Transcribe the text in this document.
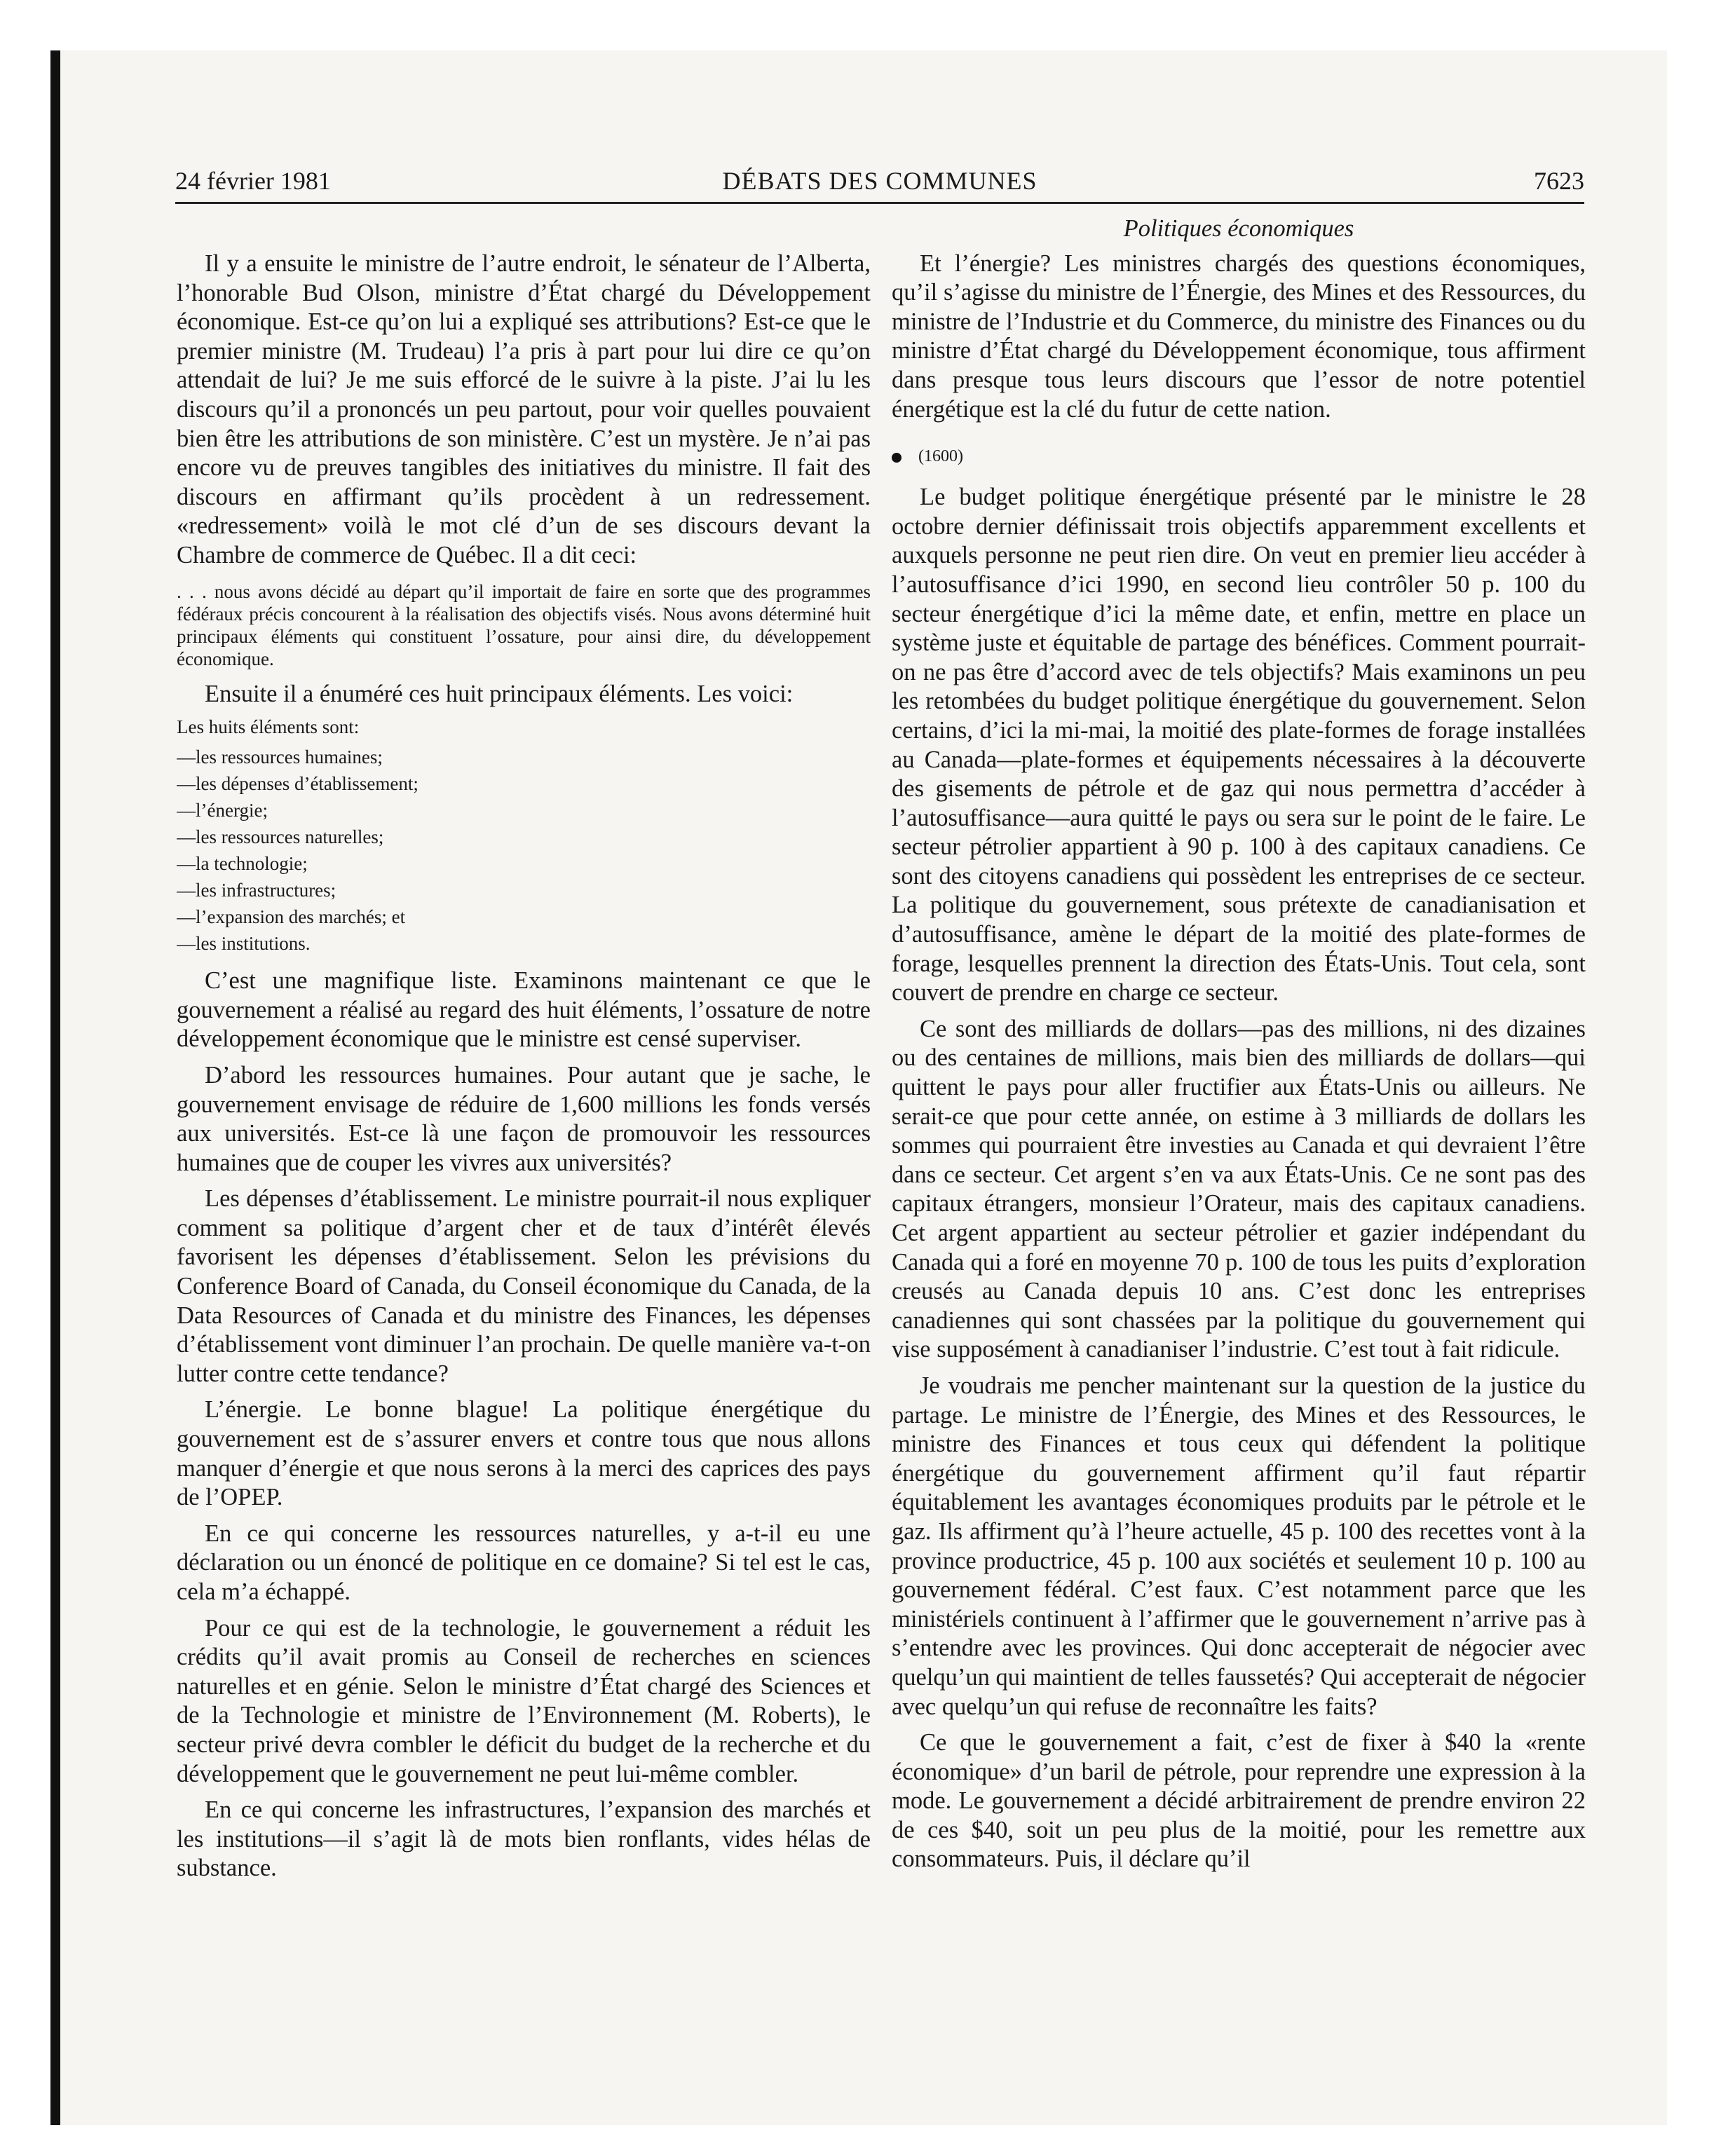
24 février 1981	DÉBATS DES COMMUNES	7623

Il y a ensuite le ministre de l’autre endroit, le sénateur de l’Alberta, l’honorable Bud Olson, ministre d’État chargé du Développement économique. Est-ce qu’on lui a expliqué ses attributions? Est-ce que le premier ministre (M. Trudeau) l’a pris à part pour lui dire ce qu’on attendait de lui? Je me suis efforcé de le suivre à la piste. J’ai lu les discours qu’il a prononcés un peu partout, pour voir quelles pouvaient bien être les attributions de son ministère. C’est un mystère. Je n’ai pas encore vu de preuves tangibles des initiatives du ministre. Il fait des discours en affirmant qu’ils procèdent à un redressement. «redressement» voilà le mot clé d’un de ses discours devant la Chambre de commerce de Québec. Il a dit ceci:

. . . nous avons décidé au départ qu’il importait de faire en sorte que des programmes fédéraux précis concourent à la réalisation des objectifs visés. Nous avons déterminé huit principaux éléments qui constituent l’ossature, pour ainsi dire, du développement économique.

Ensuite il a énuméré ces huit principaux éléments. Les voici:

Les huits éléments sont:

—les ressources humaines;
—les dépenses d’établissement;
—l’énergie;
—les ressources naturelles;
—la technologie;
—les infrastructures;
—l’expansion des marchés; et
—les institutions.

C’est une magnifique liste. Examinons maintenant ce que le gouvernement a réalisé au regard des huit éléments, l’ossature de notre développement économique que le ministre est censé superviser.

D’abord les ressources humaines. Pour autant que je sache, le gouvernement envisage de réduire de 1,600 millions les fonds versés aux universités. Est-ce là une façon de promouvoir les ressources humaines que de couper les vivres aux universités?

Les dépenses d’établissement. Le ministre pourrait-il nous expliquer comment sa politique d’argent cher et de taux d’intérêt élevés favorisent les dépenses d’établissement. Selon les prévisions du Conference Board of Canada, du Conseil économique du Canada, de la Data Resources of Canada et du ministre des Finances, les dépenses d’établissement vont diminuer l’an prochain. De quelle manière va-t-on lutter contre cette tendance?

L’énergie. Le bonne blague! La politique énergétique du gouvernement est de s’assurer envers et contre tous que nous allons manquer d’énergie et que nous serons à la merci des caprices des pays de l’OPEP.

En ce qui concerne les ressources naturelles, y a-t-il eu une déclaration ou un énoncé de politique en ce domaine? Si tel est le cas, cela m’a échappé.

Pour ce qui est de la technologie, le gouvernement a réduit les crédits qu’il avait promis au Conseil de recherches en sciences naturelles et en génie. Selon le ministre d’État chargé des Sciences et de la Technologie et ministre de l’Environnement (M. Roberts), le secteur privé devra combler le déficit du budget de la recherche et du développement que le gouvernement ne peut lui-même combler.

En ce qui concerne les infrastructures, l’expansion des marchés et les institutions—il s’agit là de mots bien ronflants, vides hélas de substance.

Politiques économiques

Et l’énergie? Les ministres chargés des questions économiques, qu’il s’agisse du ministre de l’Énergie, des Mines et des Ressources, du ministre de l’Industrie et du Commerce, du ministre des Finances ou du ministre d’État chargé du Développement économique, tous affirment dans presque tous leurs discours que l’essor de notre potentiel énergétique est la clé du futur de cette nation.

(1600)

Le budget politique énergétique présenté par le ministre le 28 octobre dernier définissait trois objectifs apparemment excellents et auxquels personne ne peut rien dire. On veut en premier lieu accéder à l’autosuffisance d’ici 1990, en second lieu contrôler 50 p. 100 du secteur énergétique d’ici la même date, et enfin, mettre en place un système juste et équitable de partage des bénéfices. Comment pourrait-on ne pas être d’accord avec de tels objectifs? Mais examinons un peu les retombées du budget politique énergétique du gouvernement. Selon certains, d’ici la mi-mai, la moitié des plate-formes de forage installées au Canada—plate-formes et équipements nécessaires à la découverte des gisements de pétrole et de gaz qui nous permettra d’accéder à l’autosuffisance—aura quitté le pays ou sera sur le point de le faire. Le secteur pétrolier appartient à 90 p. 100 à des capitaux canadiens. Ce sont des citoyens canadiens qui possèdent les entreprises de ce secteur. La politique du gouvernement, sous prétexte de canadianisation et d’autosuffisance, amène le départ de la moitié des plate-formes de forage, lesquelles prennent la direction des États-Unis. Tout cela, sont couvert de prendre en charge ce secteur.

Ce sont des milliards de dollars—pas des millions, ni des dizaines ou des centaines de millions, mais bien des milliards de dollars—qui quittent le pays pour aller fructifier aux États-Unis ou ailleurs. Ne serait-ce que pour cette année, on estime à 3 milliards de dollars les sommes qui pourraient être investies au Canada et qui devraient l’être dans ce secteur. Cet argent s’en va aux États-Unis. Ce ne sont pas des capitaux étrangers, monsieur l’Orateur, mais des capitaux canadiens. Cet argent appartient au secteur pétrolier et gazier indépendant du Canada qui a foré en moyenne 70 p. 100 de tous les puits d’exploration creusés au Canada depuis 10 ans. C’est donc les entreprises canadiennes qui sont chassées par la politique du gouvernement qui vise supposément à canadianiser l’industrie. C’est tout à fait ridicule.

Je voudrais me pencher maintenant sur la question de la justice du partage. Le ministre de l’Énergie, des Mines et des Ressources, le ministre des Finances et tous ceux qui défendent la politique énergétique du gouvernement affirment qu’il faut répartir équitablement les avantages économiques produits par le pétrole et le gaz. Ils affirment qu’à l’heure actuelle, 45 p. 100 des recettes vont à la province productrice, 45 p. 100 aux sociétés et seulement 10 p. 100 au gouvernement fédéral. C’est faux. C’est notamment parce que les ministériels continuent à l’affirmer que le gouvernement n’arrive pas à s’entendre avec les provinces. Qui donc accepterait de négocier avec quelqu’un qui maintient de telles faussetés? Qui accepterait de négocier avec quelqu’un qui refuse de reconnaître les faits?

Ce que le gouvernement a fait, c’est de fixer à $40 la «rente économique» d’un baril de pétrole, pour reprendre une expression à la mode. Le gouvernement a décidé arbitrairement de prendre environ 22 de ces $40, soit un peu plus de la moitié, pour les remettre aux consommateurs. Puis, il déclare qu’il
